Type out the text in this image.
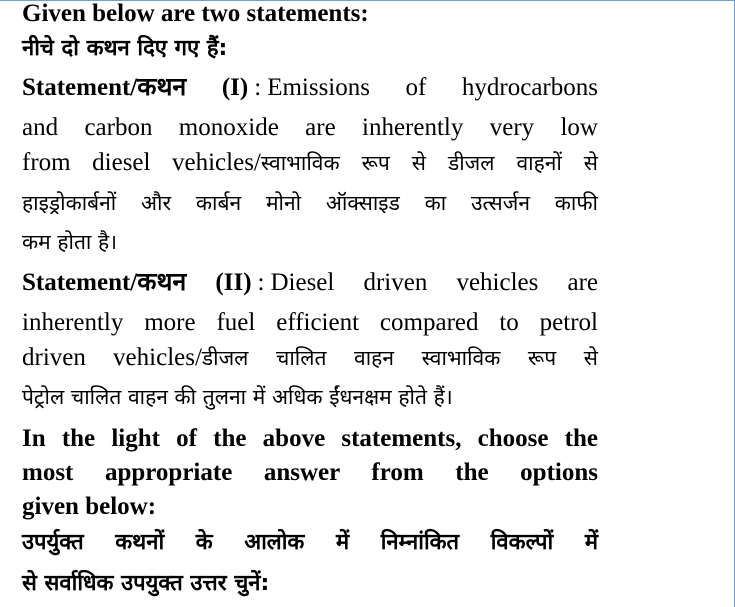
Given below are two statements:
नीचे दो कथन दिए गए हैं:
Statement/कथन (I) : Emissions of hydrocarbons
and carbon monoxide are inherently very low
from diesel vehicles/स्वाभाविक रूप से डीजल वाहनों से
हाइड्रोकार्बनों और कार्बन मोनो ऑक्साइड का उत्सर्जन काफी
कम होता है।
Statement/कथन (II) : Diesel driven vehicles are
inherently more fuel efficient compared to petrol
driven vehicles/डीजल चालित वाहन स्वाभाविक रूप से
पेट्रोल चालित वाहन की तुलना में अधिक ईंधनक्षम होते हैं।
In the light of the above statements, choose the
most appropriate answer from the options
given below:
उपर्युक्त कथनों के आलोक में निम्नांकित विकल्पों में
से सर्वाधिक उपयुक्त उत्तर चुनें:
